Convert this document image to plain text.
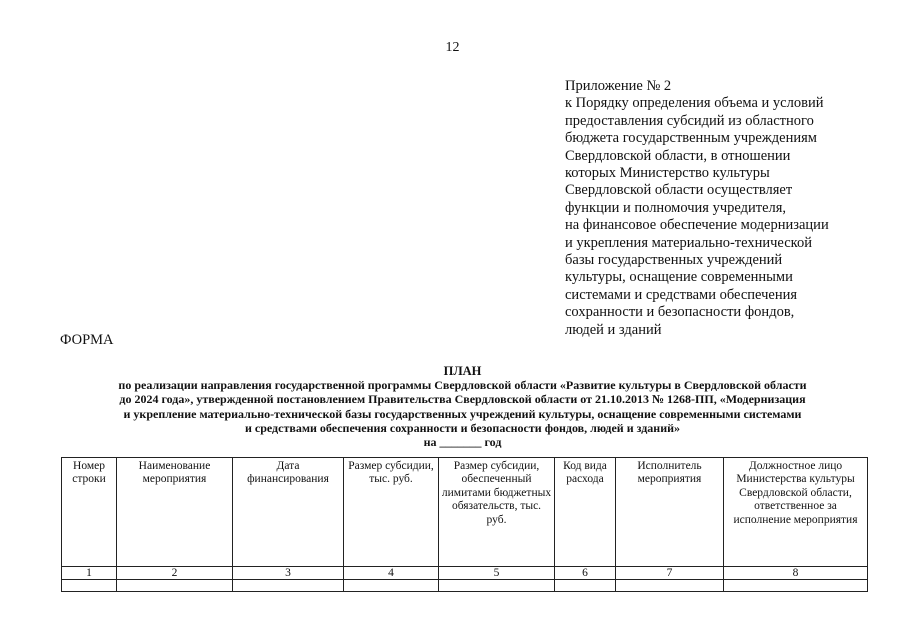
12
Приложение № 2
к Порядку определения объема и условий
предоставления субсидий из областного
бюджета государственным учреждениям
Свердловской области, в отношении
которых Министерство культуры
Свердловской области осуществляет
функции и полномочия учредителя,
на финансовое обеспечение модернизации
и укрепления материально-технической
базы государственных учреждений
культуры, оснащение современными
системами и средствами обеспечения
сохранности и безопасности фондов,
людей и зданий
ФОРМА
ПЛАН
по реализации направления государственной программы Свердловской области «Развитие культуры в Свердловской области
до 2024 года», утвержденной постановлением Правительства Свердловской области от 21.10.2013 № 1268-ПП, «Модернизация
и укрепление материально-технической базы государственных учреждений культуры, оснащение современными системами
и средствами обеспечения сохранности и безопасности фондов, людей и зданий»
на _______ год
Номер строки	Наименование мероприятия	Дата финансирования	Размер субсидии, тыс. руб.	Размер субсидии, обеспеченный лимитами бюджетных обязательств, тыс. руб.	Код вида расхода	Исполнитель мероприятия	Должностное лицо Министерства культуры Свердловской области, ответственное за исполнение мероприятия
1	2	3	4	5	6	7	8
